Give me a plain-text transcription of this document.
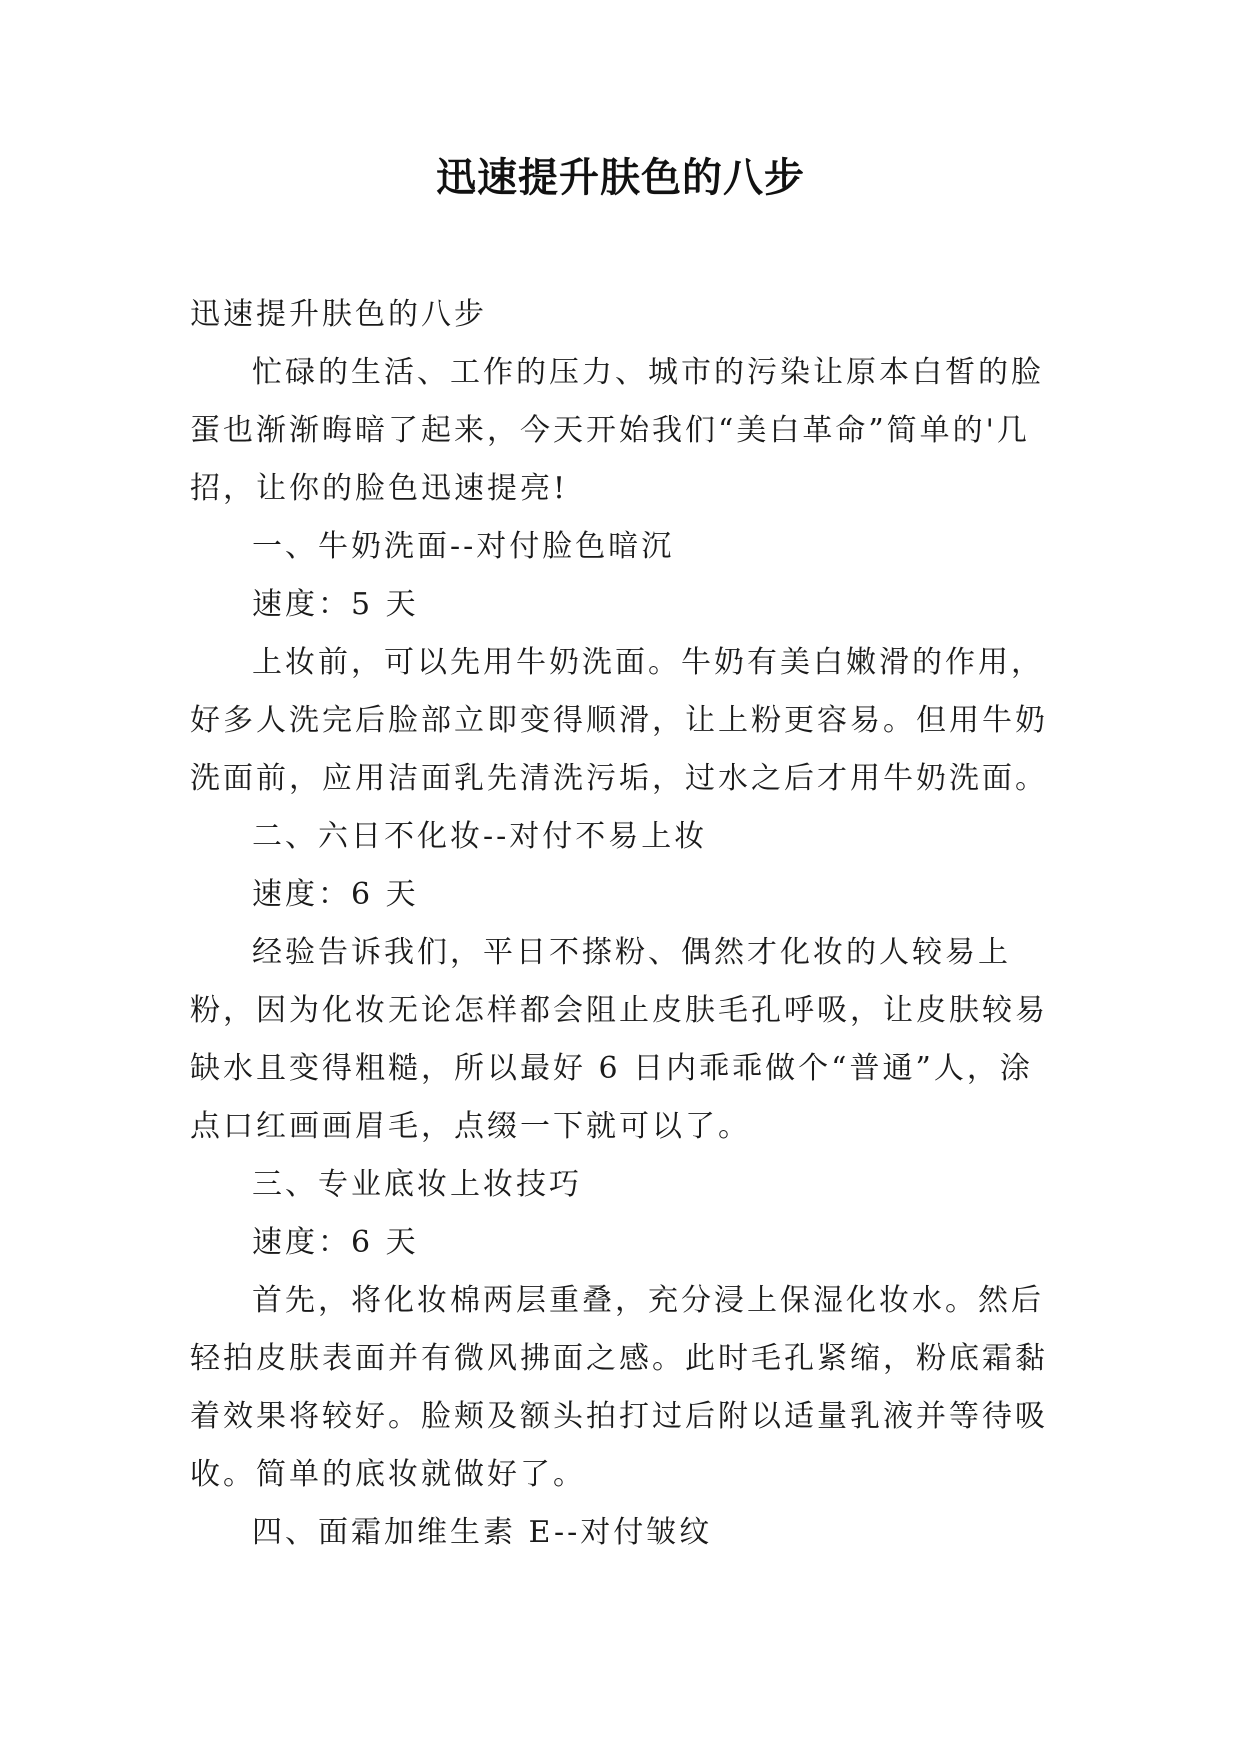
迅速提升肤色的八步

迅速提升肤色的八步

忙碌的生活、工作的压力、城市的污染让原本白皙的脸蛋也渐渐晦暗了起来，今天开始我们“美白革命”简单的'几招，让你的脸色迅速提亮!

一、牛奶洗面--对付脸色暗沉

速度：5 天

上妆前，可以先用牛奶洗面。牛奶有美白嫩滑的作用，好多人洗完后脸部立即变得顺滑，让上粉更容易。但用牛奶洗面前，应用洁面乳先清洗污垢，过水之后才用牛奶洗面。

二、六日不化妆--对付不易上妆

速度：6 天

经验告诉我们，平日不搽粉、偶然才化妆的人较易上粉，因为化妆无论怎样都会阻止皮肤毛孔呼吸，让皮肤较易缺水且变得粗糙，所以最好 6 日内乖乖做个“普通”人，涂点口红画画眉毛，点缀一下就可以了。

三、专业底妆上妆技巧

速度：6 天

首先，将化妆棉两层重叠，充分浸上保湿化妆水。然后轻拍皮肤表面并有微风拂面之感。此时毛孔紧缩，粉底霜黏着效果将较好。脸颊及额头拍打过后附以适量乳液并等待吸收。简单的底妆就做好了。

四、面霜加维生素 E--对付皱纹
